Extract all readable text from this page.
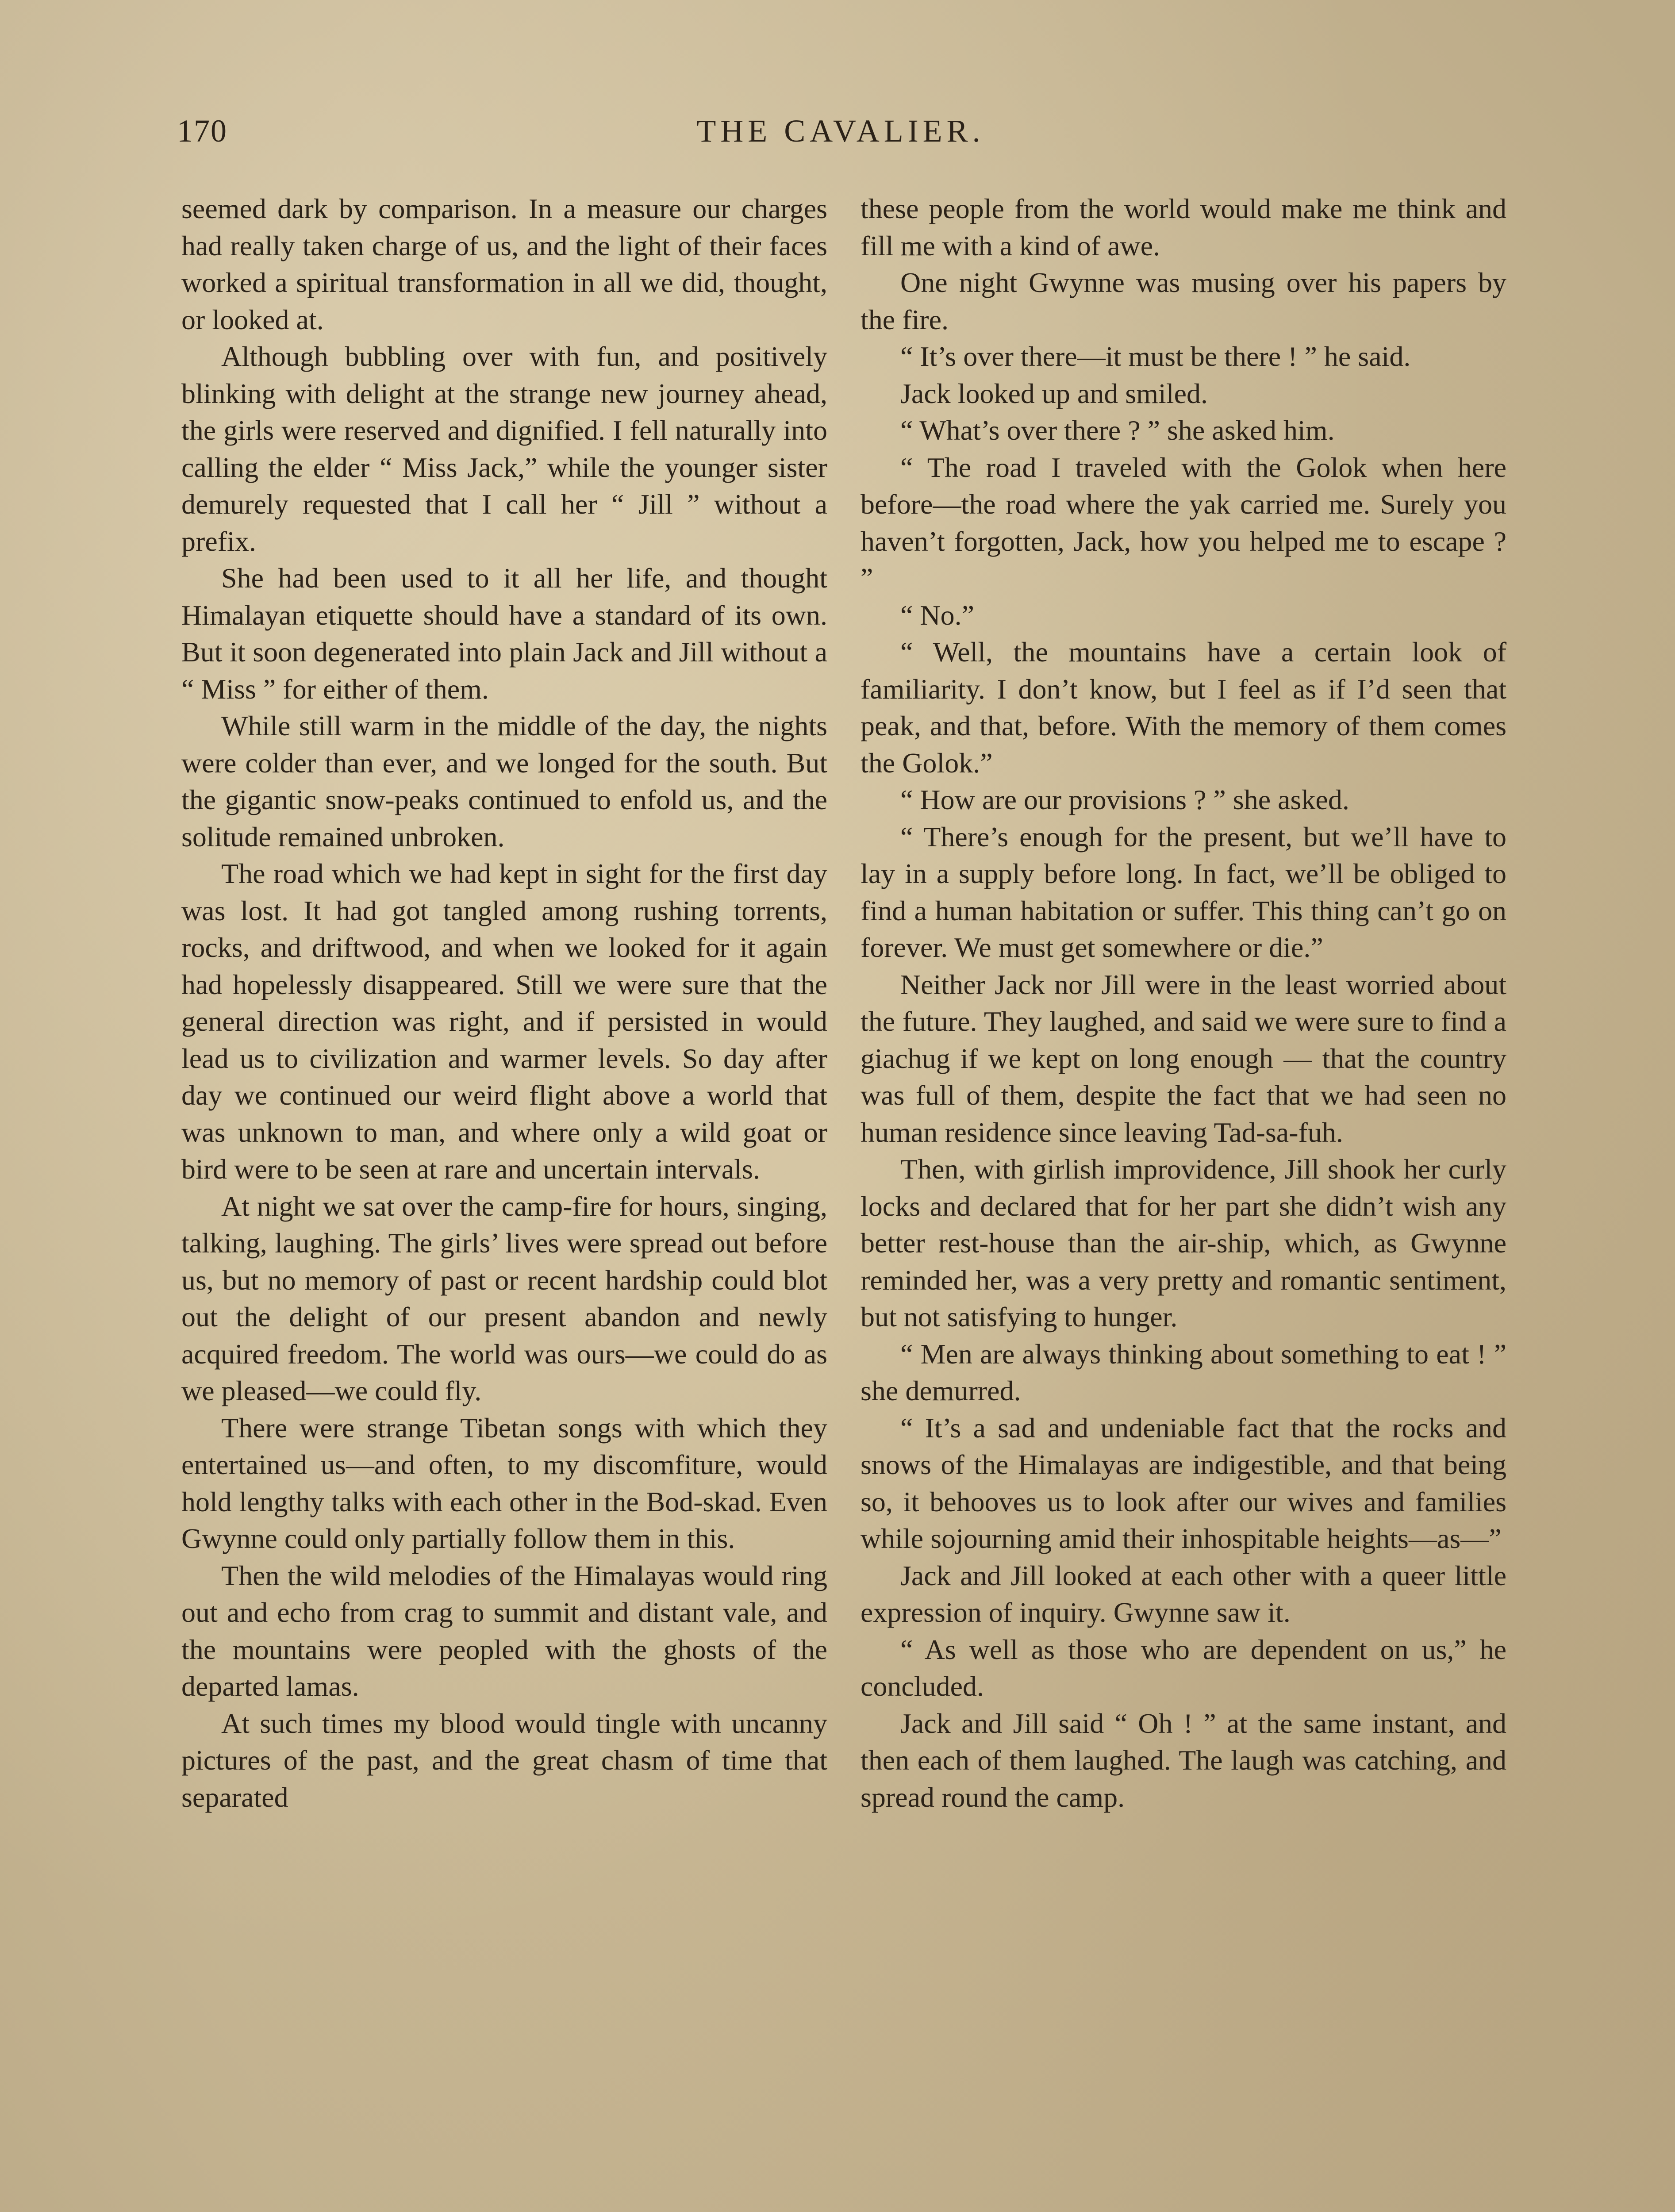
170	THE CAVALIER.

seemed dark by comparison. In a measure our charges had really taken charge of us, and the light of their faces worked a spiritual transformation in all we did, thought, or looked at.

Although bubbling over with fun, and positively blinking with delight at the strange new journey ahead, the girls were reserved and dignified. I fell naturally into calling the elder “ Miss Jack,” while the younger sister demurely requested that I call her “ Jill ” without a prefix.

She had been used to it all her life, and thought Himalayan etiquette should have a standard of its own. But it soon degenerated into plain Jack and Jill without a “ Miss ” for either of them.

While still warm in the middle of the day, the nights were colder than ever, and we longed for the south. But the gigantic snow-peaks continued to enfold us, and the solitude remained unbroken.

The road which we had kept in sight for the first day was lost. It had got tangled among rushing torrents, rocks, and driftwood, and when we looked for it again had hopelessly disappeared. Still we were sure that the general direction was right, and if persisted in would lead us to civilization and warmer levels. So day after day we continued our weird flight above a world that was unknown to man, and where only a wild goat or bird were to be seen at rare and uncertain intervals.

At night we sat over the camp-fire for hours, singing, talking, laughing. The girls’ lives were spread out before us, but no memory of past or recent hardship could blot out the delight of our present abandon and newly acquired freedom. The world was ours—we could do as we pleased—we could fly.

There were strange Tibetan songs with which they entertained us—and often, to my discomfiture, would hold lengthy talks with each other in the Bod-skad. Even Gwynne could only partially follow them in this.

Then the wild melodies of the Himalayas would ring out and echo from crag to summit and distant vale, and the mountains were peopled with the ghosts of the departed lamas.

At such times my blood would tingle with uncanny pictures of the past, and the great chasm of time that separated

these people from the world would make me think and fill me with a kind of awe.

One night Gwynne was musing over his papers by the fire.

“ It’s over there—it must be there ! ” he said.

Jack looked up and smiled.

“ What’s over there ? ” she asked him.

“ The road I traveled with the Golok when here before—the road where the yak carried me. Surely you haven’t forgotten, Jack, how you helped me to escape ? ”

“ No.”

“ Well, the mountains have a certain look of familiarity. I don’t know, but I feel as if I’d seen that peak, and that, before. With the memory of them comes the Golok.”

“ How are our provisions ? ” she asked.

“ There’s enough for the present, but we’ll have to lay in a supply before long. In fact, we’ll be obliged to find a human habitation or suffer. This thing can’t go on forever. We must get somewhere or die.”

Neither Jack nor Jill were in the least worried about the future. They laughed, and said we were sure to find a giachug if we kept on long enough — that the country was full of them, despite the fact that we had seen no human residence since leaving Tad-sa-fuh.

Then, with girlish improvidence, Jill shook her curly locks and declared that for her part she didn’t wish any better rest-house than the air-ship, which, as Gwynne reminded her, was a very pretty and romantic sentiment, but not satisfying to hunger.

“ Men are always thinking about something to eat ! ” she demurred.

“ It’s a sad and undeniable fact that the rocks and snows of the Himalayas are indigestible, and that being so, it behooves us to look after our wives and families while sojourning amid their inhospitable heights—as—”

Jack and Jill looked at each other with a queer little expression of inquiry. Gwynne saw it.

“ As well as those who are dependent on us,” he concluded.

Jack and Jill said “ Oh ! ” at the same instant, and then each of them laughed. The laugh was catching, and spread round the camp.
